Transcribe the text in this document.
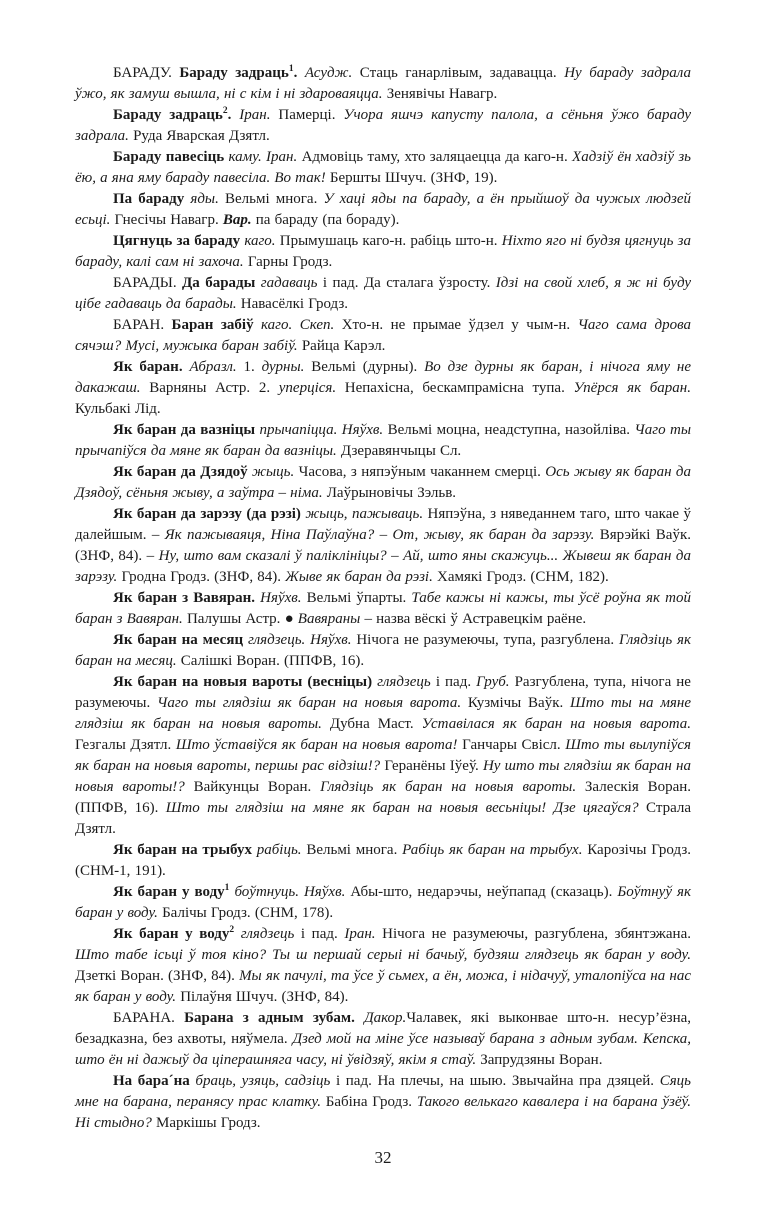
БАРАДУ. Бараду задраць$^1$. Асудж. Стаць ганарлівым, задавацца. Ну бараду задрала ўжо, як замуш вышла, ні с кім і ні здароваяцца. Зенявічы Навагр.

Бараду задраць$^2$. Іран. Памерці. Учора яшчэ капусту палола, а сёньня ўжо бараду задрала. Руда Яварская Дзятл.

Бараду павесіць каму. Іран. Адмовіць таму, хто заляцаецца да каго-н. Хадзіў ён хадзіў зь ёю, а яна яму бараду павесіла. Во так! Бершты Шчуч. (ЗНФ, 19).

Па бараду яды. Вельмі многа. У хаці яды па бараду, а ён прыйшоў да чужых людзей есьці. Гнесічы Навагр. Вар. па бараду (па бораду).

Цягнуць за бараду каго. Прымушаць каго-н. рабіць што-н. Ніхто яго ні будзя цягнуць за бараду, калі сам ні захоча. Гарны Гродз.

БАРАДЫ. Да барады гадаваць і пад. Да сталага ўзросту. Ідзі на свой хлеб, я ж ні буду цібе гадаваць да барады. Навасёлкі Гродз.

БАРАН. Баран забіў каго. Скеп. Хто-н. не прымае ўдзел у чым-н. Чаго сама дрова сячэш? Мусі, мужыка баран забіў. Райца Карэл.

Як баран. Абразл. 1. дурны. Вельмі (дурны). Во дзе дурны як баран, і нічога яму не дакажаш. Варняны Астр. 2. уперціся. Непахісна, бескампрамісна тупа. Упёрся як баран. Кульбакі Лід.

Як баран да вазніцы прычапіцца. Няўхв. Вельмі моцна, неадступна, назойліва. Чаго ты прычапіўся да мяне як баран да вазніцы. Дзеравянчыцы Сл.

Як баран да Дзядоў жыць. Часова, з няпэўным чаканнем смерці. Ось жыву як баран да Дзядоў, сёньня жыву, а заўтра – німа. Лаўрыновічы Зэльв.

Як баран да зарэзу (да рэзі) жыць, пажываць. Няпэўна, з няведаннем таго, што чакае ў далейшым. – Як пажываяця, Ніна Паўлаўна? – От, жыву, як баран да зарэзу. Вярэйкі Ваўк. (ЗНФ, 84). – Ну, што вам сказалі ў паліклініцы? – Ай, што яны скажуць... Жывеш як баран да зарэзу. Гродна Гродз. (ЗНФ, 84). Жыве як баран да рэзі. Хамякі Гродз. (СНМ, 182).

Як баран з Вавяран. Няўхв. Вельмі ўпарты. Табе кажы ні кажы, ты ўсё роўна як той баран з Вавяран. Палушы Астр. ● Вавяраны – назва вёскі ў Астравецкім раёне.

Як баран на месяц глядзець. Няўхв. Нічога не разумеючы, тупа, разгублена. Глядзіць як баран на месяц. Салішкі Воран. (ППФВ, 16).

Як баран на новыя вароты (весніцы) глядзець і пад. Груб. Разгублена, тупа, нічога не разумеючы. Чаго ты глядзіш як баран на новыя варота. Кузмічы Ваўк. Што ты на мяне глядзіш як баран на новыя вароты. Дубна Маст. Уставілася як баран на новыя варота. Гезгалы Дзятл. Што ўставіўся як баран на новыя варота! Ганчары Свісл. Што ты вылупіўся як баран на новыя вароты, першы рас відзіш!? Геранёны Іўеў. Ну што ты глядзіш як баран на новыя вароты!? Вайкунцы Воран. Глядзіць як баран на новыя вароты. Залескія Воран. (ППФВ, 16). Што ты глядзіш на мяне як баран на новыя весьніцы! Дзе цягаўся? Страла Дзятл.

Як баран на трыбух рабіць. Вельмі многа. Рабіць як баран на трыбух. Карозічы Гродз. (СНМ-1, 191).

Як баран у воду$^1$ боўтнуць. Няўхв. Абы-што, недарэчы, неўпапад (сказаць). Боўтнуў як баран у воду. Балічы Гродз. (СНМ, 178).

Як баран у воду$^2$ глядзець і пад. Іран. Нічога не разумеючы, разгублена, збянтэжана. Што табе ісьці ў тоя кіно? Ты ш першай серыі ні бачыў, будзяш глядзець як баран у воду. Дзеткі Воран. (ЗНФ, 84). Мы як пачулі, та ўсе ў сьмех, а ён, можа, і нідачуў, уталопіўса на нас як баран у воду. Пілаўня Шчуч. (ЗНФ, 84).

БАРАНА. Барана з адным зубам. Дакор.Чалавек, які выконвае што-н. несур’ёзна, безадказна, без ахвоты, няўмела. Дзед мой на міне ўсе называў барана з адным зубам. Кепска, што ён ні дажыў да ціперашняга часу, ні ўвідзяў, якім я стаў. Запрудзяны Воран.

На бара´на браць, узяць, садзіць і пад. На плечы, на шыю. Звычайна пра дзяцей. Сяць мне на барана, перанясу прас клатку. Бабіна Гродз. Такого велькаго кавалера і на барана ўзёў. Ні стыдно? Маркішы Гродз.

32
